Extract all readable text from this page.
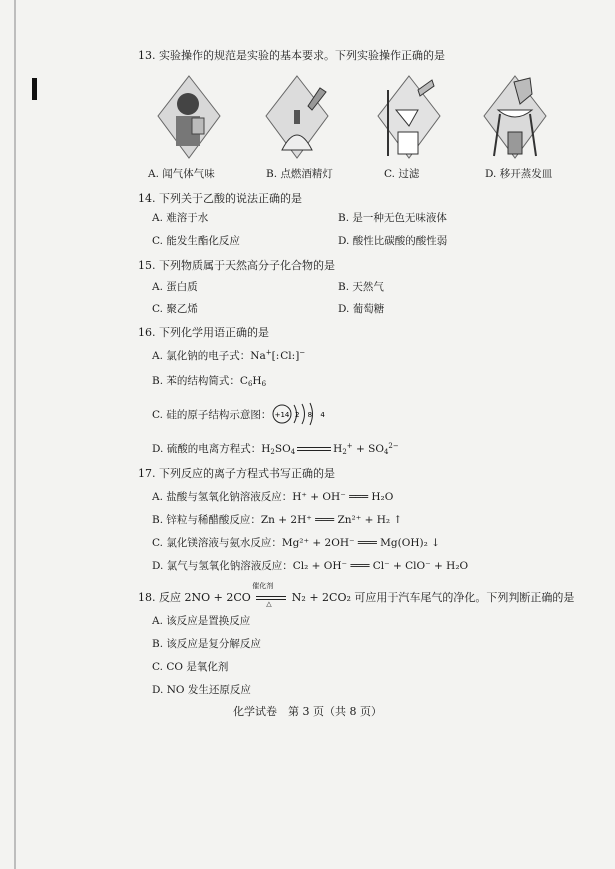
13. 实验操作的规范是实验的基本要求。下列实验操作正确的是
A. 闻气体气味	B. 点燃酒精灯	C. 过滤	D. 移开蒸发皿
14. 下列关于乙酸的说法正确的是
A. 难溶于水	B. 是一种无色无味液体
C. 能发生酯化反应	D. 酸性比碳酸的酸性弱
15. 下列物质属于天然高分子化合物的是
A. 蛋白质	B. 天然气
C. 聚乙烯	D. 葡萄糖
16. 下列化学用语正确的是
A. 氯化钠的电子式：Na+[:Cl:]−
B. 苯的结构简式：$C_6H_6$
C. 硅的原子结构示意图： +14 2 8 4
D. 硫酸的电离方程式：$H_2SO_4$	$H_2^+ + SO_4^{2-}$
17. 下列反应的离子方程式书写正确的是
A. 盐酸与氢氧化钠溶液反应：H⁺ + OH⁻ ═══ H₂O
B. 锌粒与稀醋酸反应：Zn + 2H⁺ ═══ Zn²⁺ + H₂ ↑
C. 氯化镁溶液与氨水反应：Mg²⁺ + 2OH⁻ ═══ Mg(OH)₂ ↓
D. 氯气与氢氧化钠溶液反应：Cl₂ + OH⁻ ═══ Cl⁻ + ClO⁻ + H₂O
18. 反应 2NO + 2CO
催化剂
△ N₂ + 2CO₂ 可应用于汽车尾气的净化。下列判断正确的是
A. 该反应是置换反应
B. 该反应是复分解反应
C. CO 是氧化剂
D. NO 发生还原反应
化学试卷　第 3 页（共 8 页）
